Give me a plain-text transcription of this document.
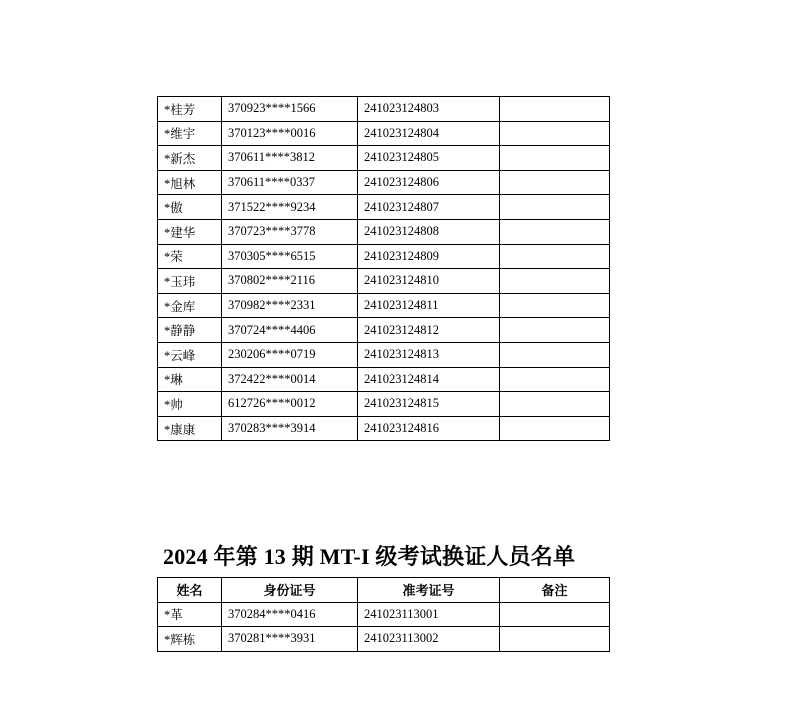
*桂芳	370923****1566	241023124803	
*维宇	370123****0016	241023124804	
*新杰	370611****3812	241023124805	
*旭林	370611****0337	241023124806	
*傲	371522****9234	241023124807	
*建华	370723****3778	241023124808	
*荣	370305****6515	241023124809	
*玉玮	370802****2116	241023124810	
*金库	370982****2331	241023124811	
*静静	370724****4406	241023124812	
*云峰	230206****0719	241023124813	
*琳	372422****0014	241023124814	
*帅	612726****0012	241023124815	
*康康	370283****3914	241023124816	
2024 年第 13 期 MT-I 级考试换证人员名单
姓名	身份证号	准考证号	备注
*革	370284****0416	241023113001	
*辉栋	370281****3931	241023113002	
